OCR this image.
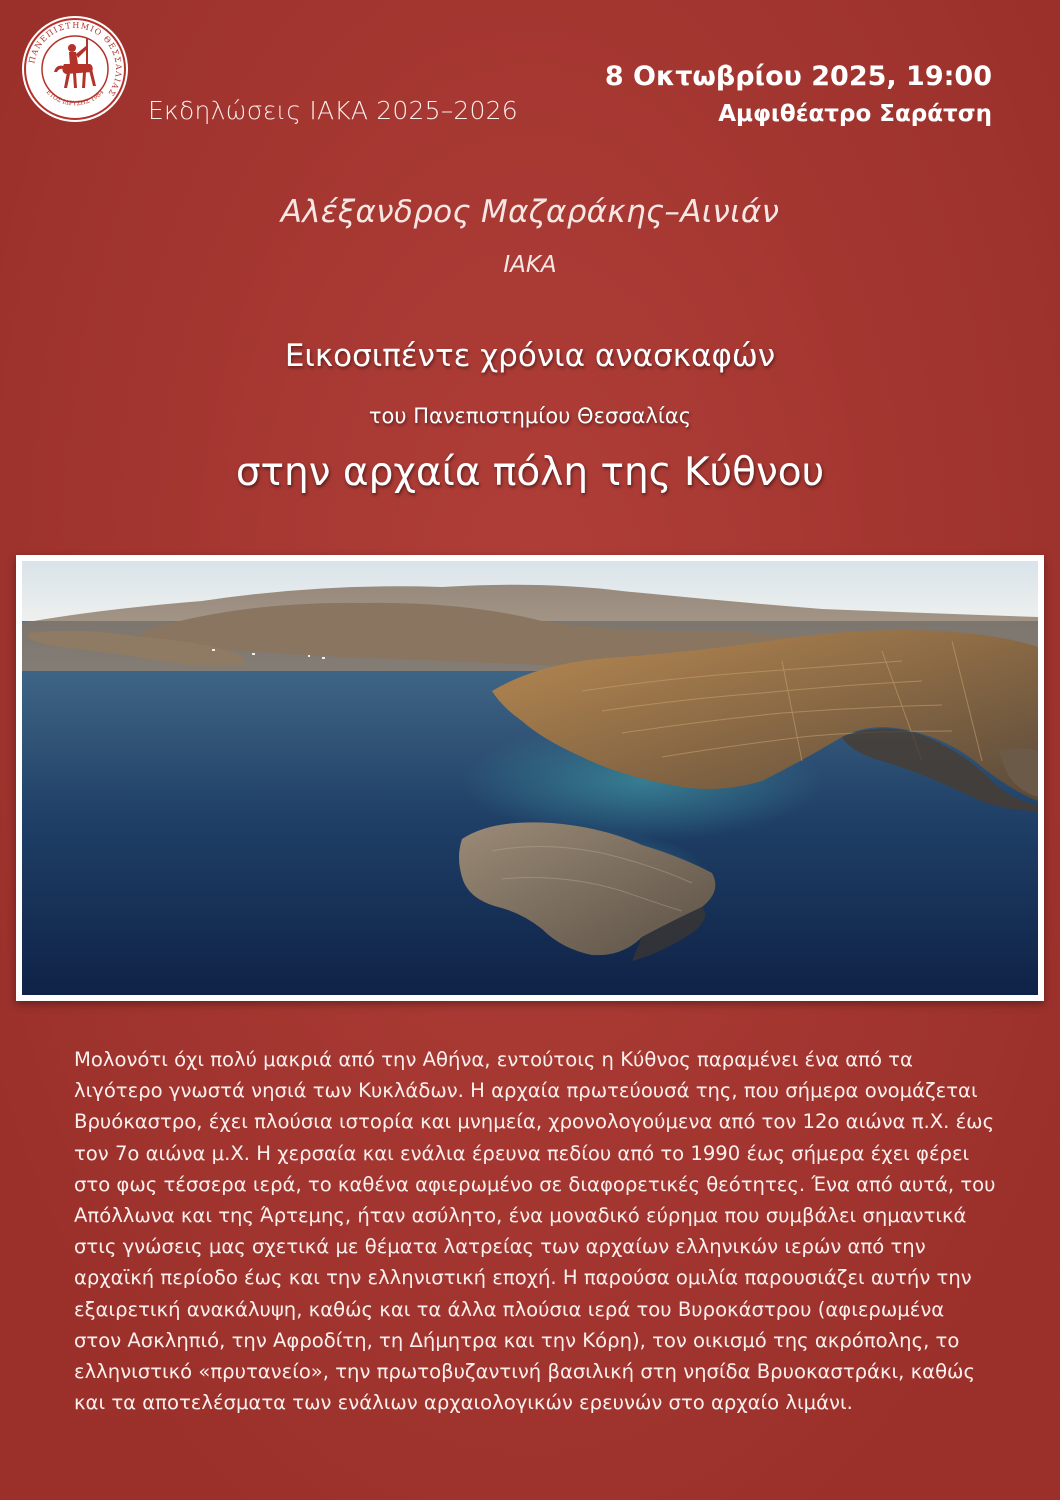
ΠΑΝΕΠΙΣΤΗΜΙΟ ΘΕΣΣΑΛΙΑΣ
ΕΤΟΣ ΙΔΡΥΣΗΣ 1984
Εκδηλώσεις ΙΑΚΑ 2025–2026
8 Οκτωβρίου 2025, 19:00
Αμφιθέατρο Σαράτση
Αλέξανδρος Μαζαράκης–Αινιάν
ΙΑΚΑ
Εικοσιπέντε χρόνια ανασκαφών
του Πανεπιστημίου Θεσσαλίας
στην αρχαία πόλη της Κύθνου
Μολονότι όχι πολύ μακριά από την Αθήνα, εντούτοις η Κύθνος παραμένει ένα από τα λιγότερο γνωστά νησιά των Κυκλάδων. Η αρχαία πρωτεύουσά της, που σήμερα ονομάζεται Βρυόκαστρο, έχει πλούσια ιστορία και μνημεία, χρονολογούμενα από τον 12ο αιώνα π.Χ. έως τον 7ο αιώνα μ.Χ. Η χερσαία και ενάλια έρευνα πεδίου από το 1990 έως σήμερα έχει φέρει στο φως τέσσερα ιερά, το καθένα αφιερωμένο σε διαφορετικές θεότητες. Ένα από αυτά, του Απόλλωνα και της Άρτεμης, ήταν ασύλητο, ένα μοναδικό εύρημα που συμβάλει σημαντικά στις γνώσεις μας σχετικά με θέματα λατρείας των αρχαίων ελληνικών ιερών από την αρχαϊκή περίοδο έως και την ελληνιστική εποχή. Η παρούσα ομιλία παρουσιάζει αυτήν την εξαιρετική ανακάλυψη, καθώς και τα άλλα πλούσια ιερά του Βυροκάστρου (αφιερωμένα στον Ασκληπιό, την Αφροδίτη, τη Δήμητρα και την Κόρη), τον οικισμό της ακρόπολης, το ελληνιστικό «πρυτανείο», την πρωτοβυζαντινή βασιλική στη νησίδα Βρυοκαστράκι, καθώς και τα αποτελέσματα των ενάλιων αρχαιολογικών ερευνών στο αρχαίο λιμάνι.
